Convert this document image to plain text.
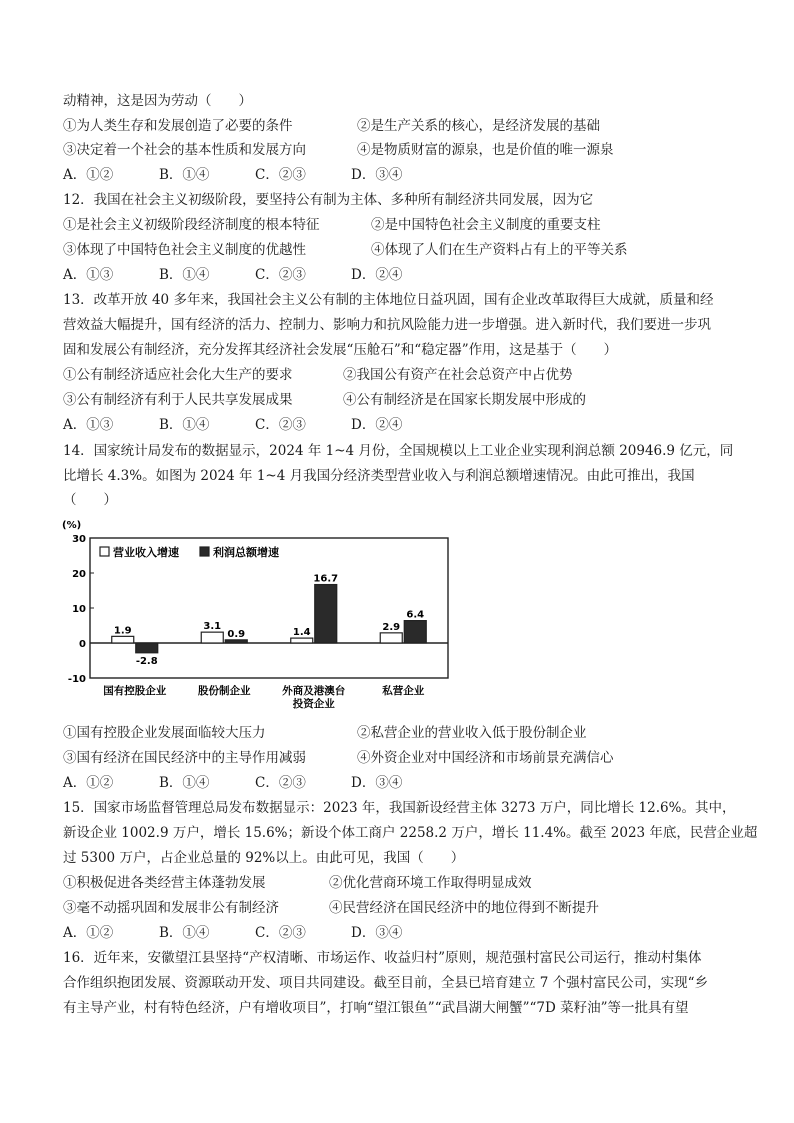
动精神，这是因为劳动（　　）
①为人类生存和发展创造了必要的条件	②是生产关系的核心，是经济发展的基础
③决定着一个社会的基本性质和发展方向	④是物质财富的源泉，也是价值的唯一源泉
A．①②	B．①④	C．②③	D．③④
12．我国在社会主义初级阶段，要坚持公有制为主体、多种所有制经济共同发展，因为它
①是社会主义初级阶段经济制度的根本特征	②是中国特色社会主义制度的重要支柱
③体现了中国特色社会主义制度的优越性	④体现了人们在生产资料占有上的平等关系
A．①③	B．①④	C．②③	D．②④
13．改革开放 40 多年来，我国社会主义公有制的主体地位日益巩固，国有企业改革取得巨大成就，质量和经
营效益大幅提升，国有经济的活力、控制力、影响力和抗风险能力进一步增强。进入新时代，我们要进一步巩
固和发展公有制经济，充分发挥其经济社会发展“压舱石”和“稳定器”作用，这是基于（　　）
①公有制经济适应社会化大生产的要求	②我国公有资产在社会总资产中占优势
③公有制经济有利于人民共享发展成果	④公有制经济是在国家长期发展中形成的
A．①③	B．①④	C．②③	D．②④
14．国家统计局发布的数据显示，2024 年 1~4 月份，全国规模以上工业企业实现利润总额 20946.9 亿元，同
比增长 4.3%。如图为 2024 年 1~4 月我国分经济类型营业收入与利润总额增速情况。由此可推出，我国
（　　）
(%)
-10
0
10
20
30
营业收入增速	利润总额增速
1.9
-2.8
3.1
0.9	1.4
16.7
2.9
6.4
国有控股企业	股份制企业	外商及港澳台
投资企业
私营企业
①国有控股企业发展面临较大压力	②私营企业的营业收入低于股份制企业
③国有经济在国民经济中的主导作用减弱	④外资企业对中国经济和市场前景充满信心
A．①②	B．①④	C．②③	D．③④
15．国家市场监督管理总局发布数据显示：2023 年，我国新设经营主体 3273 万户，同比增长 12.6%。其中，
新设企业 1002.9 万户，增长 15.6%；新设个体工商户 2258.2 万户，增长 11.4%。截至 2023 年底，民营企业超
过 5300 万户，占企业总量的 92%以上。由此可见，我国（　　）
①积极促进各类经营主体蓬勃发展	②优化营商环境工作取得明显成效
③毫不动摇巩固和发展非公有制经济	④民营经济在国民经济中的地位得到不断提升
A．①②	B．①④	C．②③	D．③④
16．近年来，安徽望江县坚持“产权清晰、市场运作、收益归村”原则，规范强村富民公司运行，推动村集体
合作组织抱团发展、资源联动开发、项目共同建设。截至目前，全县已培育建立 7 个强村富民公司，实现“乡
有主导产业，村有特色经济，户有增收项目”，打响“望江银鱼”“武昌湖大闸蟹”“7D 菜籽油”等一批具有望
